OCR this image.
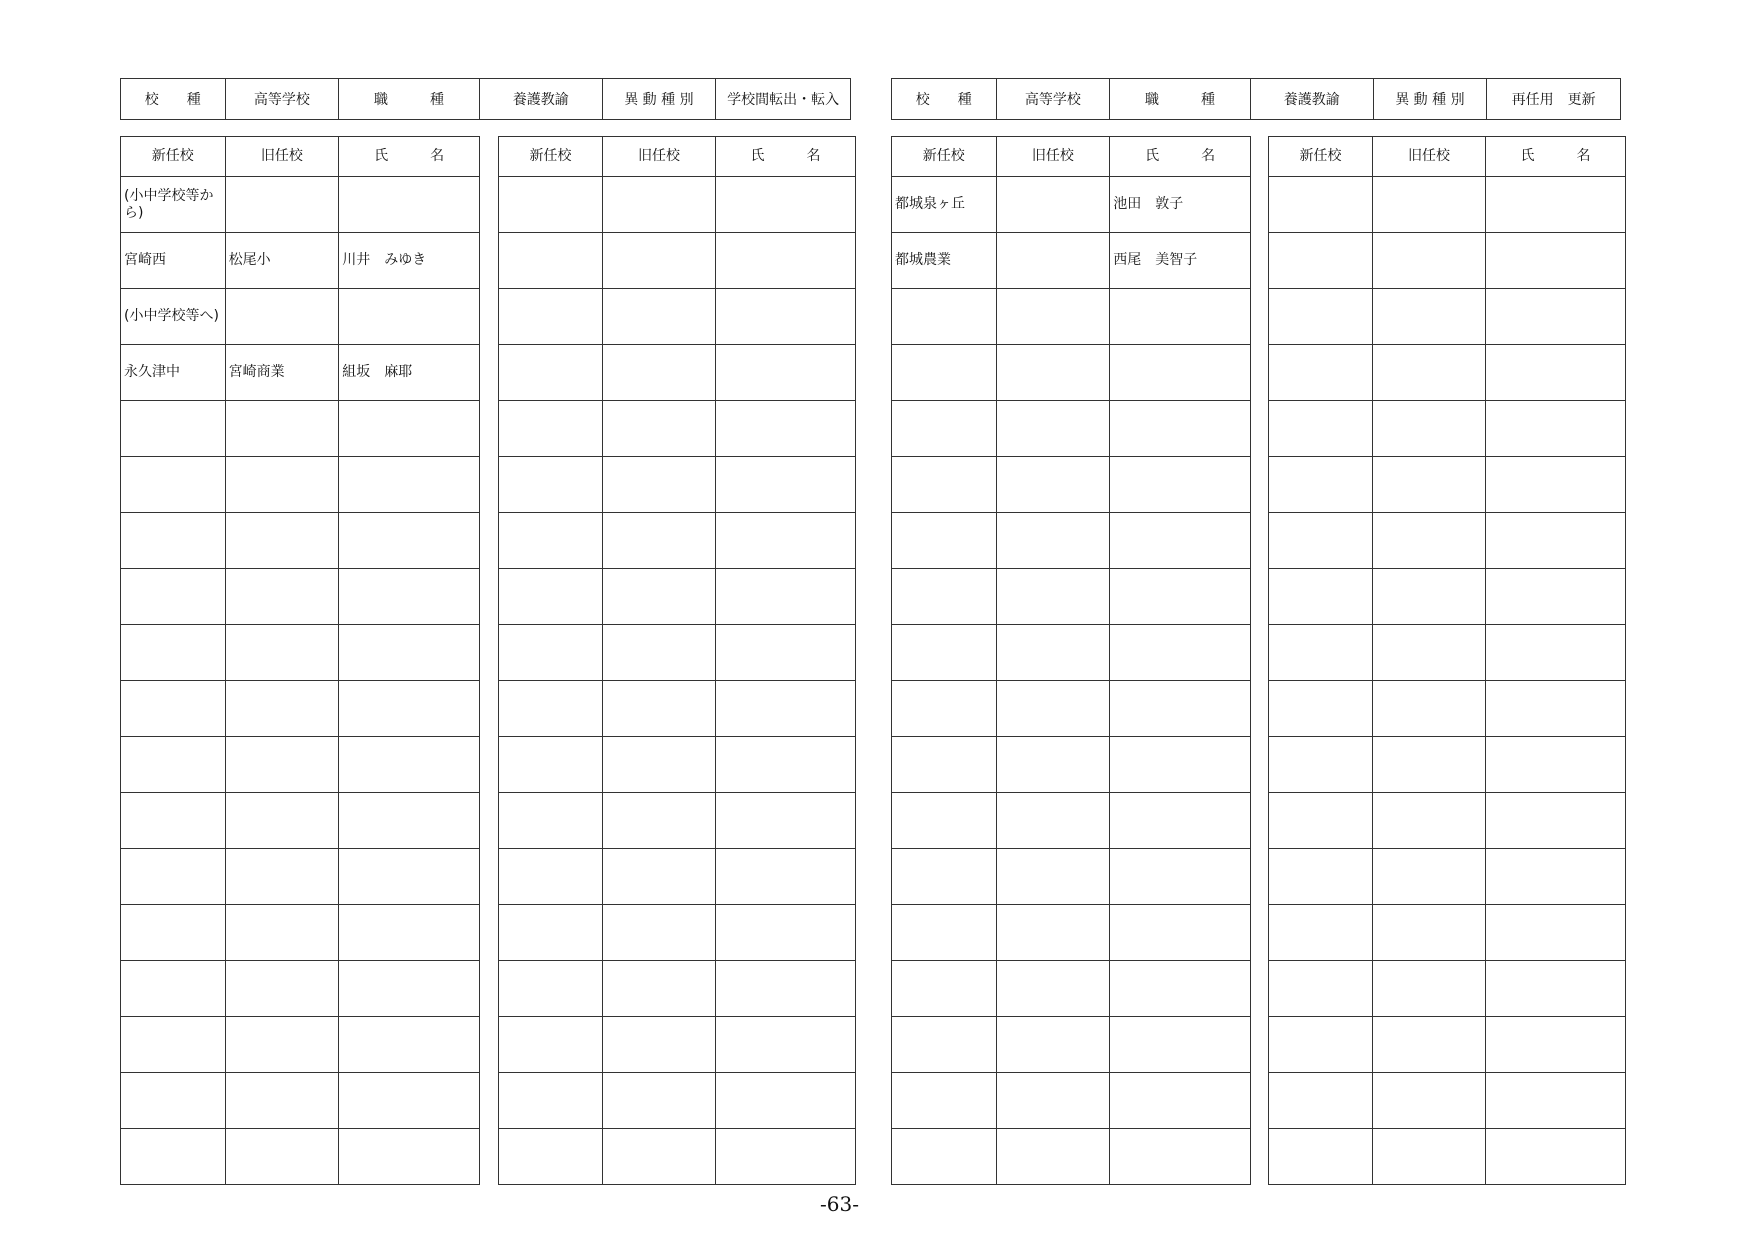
校　　種	高等学校	職　　　種	養護教諭	異 動 種 別	学校間転出・転入	校　　種	高等学校	職　　　種	養護教諭	異 動 種 別	再任用　更新
新任校	旧任校	氏　　　名
(小中学校等から)		
宮崎西	松尾小	川井　みゆき
(小中学校等へ)		
永久津中	宮崎商業	組坂　麻耶

新任校	旧任校	氏　　　名

			新任校	旧任校	氏　　　名
都城泉ヶ丘		池田　敦子
都城農業		西尾　美智子

新任校	旧任校	氏　　　名

-63-
